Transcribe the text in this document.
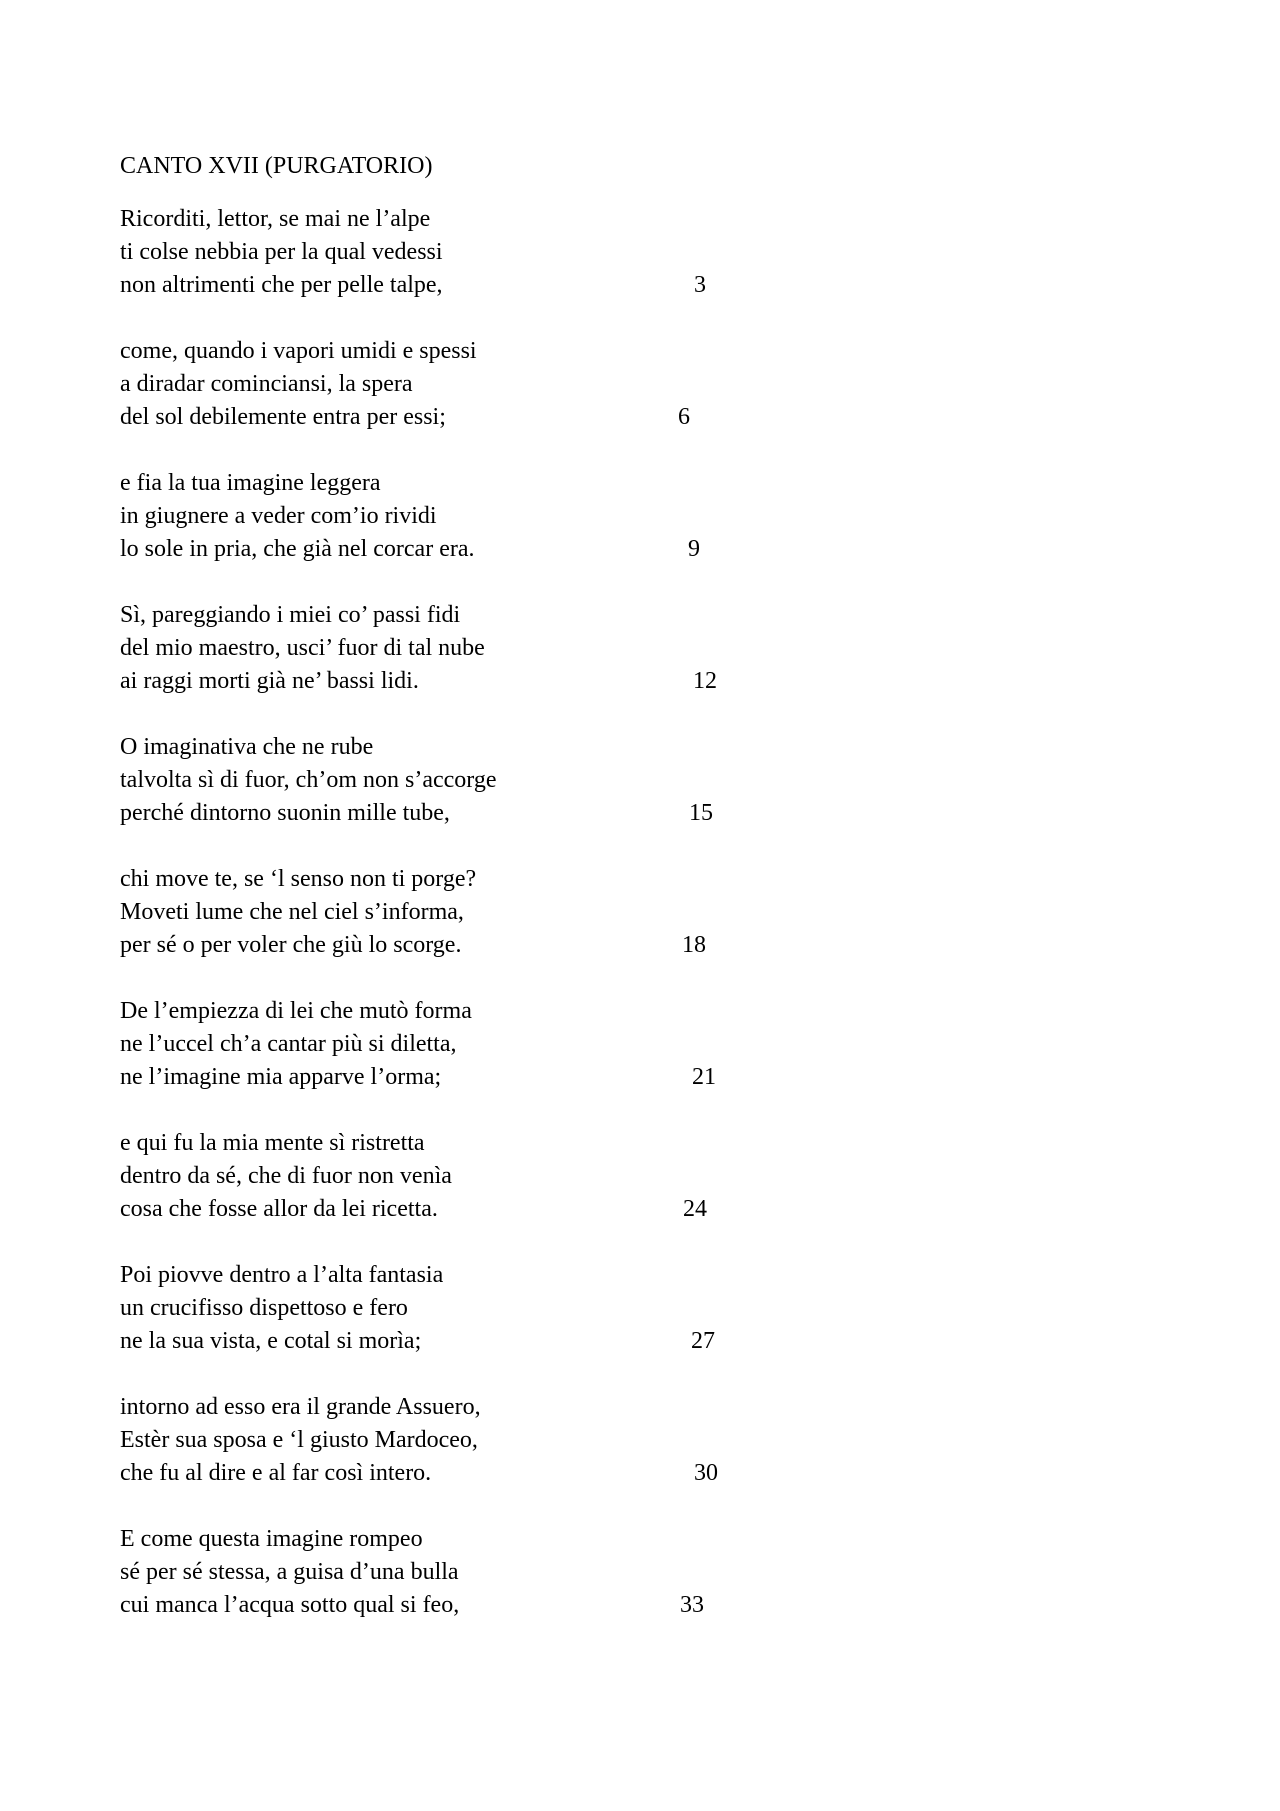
CANTO XVII (PURGATORIO)
Ricorditi, lettor, se mai ne l’alpe
ti colse nebbia per la qual vedessi
non altrimenti che per pelle talpe,	3
come, quando i vapori umidi e spessi
a diradar cominciansi, la spera
del sol debilemente entra per essi;	6
e fia la tua imagine leggera
in giugnere a veder com’io rividi
lo sole in pria, che già nel corcar era.	9
Sì, pareggiando i miei co’ passi fidi
del mio maestro, usci’ fuor di tal nube
ai raggi morti già ne’ bassi lidi.	12
O imaginativa che ne rube
talvolta sì di fuor, ch’om non s’accorge
perché dintorno suonin mille tube,	15
chi move te, se ‘l senso non ti porge?
Moveti lume che nel ciel s’informa,
per sé o per voler che giù lo scorge.	18
De l’empiezza di lei che mutò forma
ne l’uccel ch’a cantar più si diletta,
ne l’imagine mia apparve l’orma;	21
e qui fu la mia mente sì ristretta
dentro da sé, che di fuor non venìa
cosa che fosse allor da lei ricetta.	24
Poi piovve dentro a l’alta fantasia
un crucifisso dispettoso e fero
ne la sua vista, e cotal si morìa;	27
intorno ad esso era il grande Assuero,
Estèr sua sposa e ‘l giusto Mardoceo,
che fu al dire e al far così intero.	30
E come questa imagine rompeo
sé per sé stessa, a guisa d’una bulla
cui manca l’acqua sotto qual si feo,	33
